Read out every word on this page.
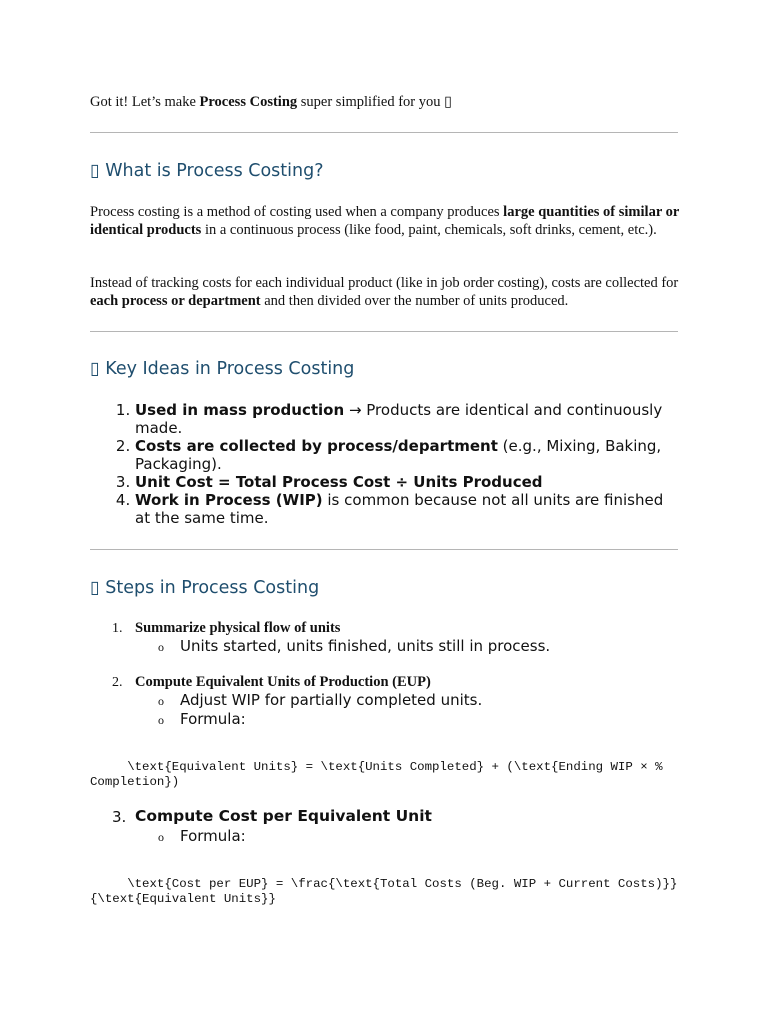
Got it! Let’s make Process Costing super simplified for you ▯
▯ What is Process Costing?

Process costing is a method of costing used when a company produces large quantities of similar or identical products in a continuous process (like food, paint, chemicals, soft drinks, cement, etc.).

Instead of tracking costs for each individual product (like in job order costing), costs are collected for each process or department and then divided over the number of units produced.

▯ Key Ideas in Process Costing
1. Used in mass production → Products are identical and continuously made.
2. Costs are collected by process/department (e.g., Mixing, Baking, Packaging).
3. Unit Cost = Total Process Cost ÷ Units Produced
4. Work in Process (WIP) is common because not all units are finished at the same time.
▯ Steps in Process Costing
1. Summarize physical flow of units
o Units started, units finished, units still in process.
2. Compute Equivalent Units of Production (EUP)
o Adjust WIP for partially completed units.
o Formula:
\text{Equivalent Units} = \text{Units Completed} + (\text{Ending WIP × % Completion})
3. Compute Cost per Equivalent Unit
o Formula:
\text{Cost per EUP} = \frac{\text{Total Costs (Beg. WIP + Current Costs)}}{\text{Equivalent Units}}
